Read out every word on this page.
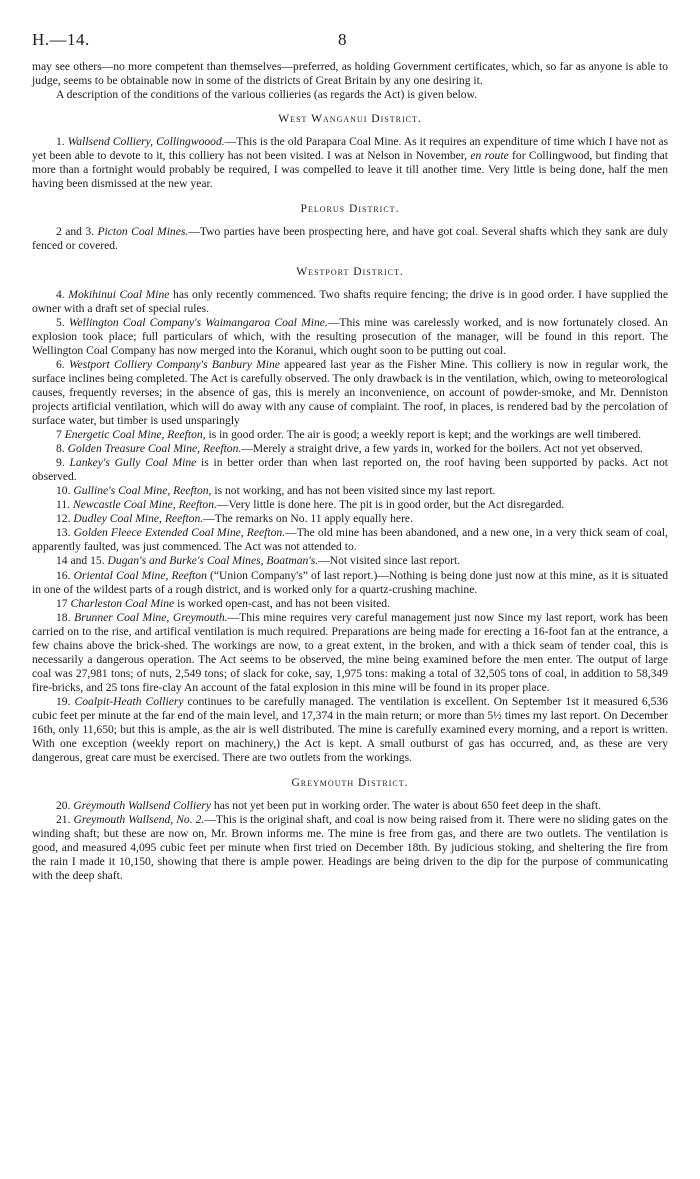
H.—14.	8

may see others—no more competent than themselves—preferred, as holding Government certificates, which, so far as anyone is able to judge, seems to be obtainable now in some of the districts of Great Britain by any one desiring it.

A description of the conditions of the various collieries (as regards the Act) is given below.

West Wanganui District.

1. Wallsend Colliery, Collingwoood.—This is the old Parapara Coal Mine. As it requires an expenditure of time which I have not as yet been able to devote to it, this colliery has not been visited. I was at Nelson in November, en route for Collingwood, but finding that more than a fortnight would probably be required, I was compelled to leave it till another time. Very little is being done, half the men having been dismissed at the new year.

Pelorus District.

2 and 3. Picton Coal Mines.—Two parties have been prospecting here, and have got coal. Several shafts which they sank are duly fenced or covered.

Westport District.

4. Mokihinui Coal Mine has only recently commenced. Two shafts require fencing; the drive is in good order. I have supplied the owner with a draft set of special rules.

5. Wellington Coal Company's Waimangaroa Coal Mine.—This mine was carelessly worked, and is now fortunately closed. An explosion took place; full particulars of which, with the resulting prosecution of the manager, will be found in this report. The Wellington Coal Company has now merged into the Koranui, which ought soon to be putting out coal.

6. Westport Colliery Company's Banbury Mine appeared last year as the Fisher Mine. This colliery is now in regular work, the surface inclines being completed. The Act is carefully observed. The only drawback is in the ventilation, which, owing to meteorological causes, frequently reverses; in the absence of gas, this is merely an inconvenience, on account of powder-smoke, and Mr. Denniston projects artificial ventilation, which will do away with any cause of complaint. The roof, in places, is rendered bad by the percolation of surface water, but timber is used unsparingly

7 Energetic Coal Mine, Reefton, is in good order. The air is good; a weekly report is kept; and the workings are well timbered.

8. Golden Treasure Coal Mine, Reefton.—Merely a straight drive, a few yards in, worked for the boilers. Act not yet observed.

9. Lankey's Gully Coal Mine is in better order than when last reported on, the roof having been supported by packs. Act not observed.

10. Gulline's Coal Mine, Reefton, is not working, and has not been visited since my last report.

11. Newcastle Coal Mine, Reefton.—Very little is done here. The pit is in good order, but the Act disregarded.

12. Dudley Coal Mine, Reefton.—The remarks on No. 11 apply equally here.

13. Golden Fleece Extended Coal Mine, Reefton.—The old mine has been abandoned, and a new one, in a very thick seam of coal, apparently faulted, was just commenced. The Act was not attended to.

14 and 15. Dugan's and Burke's Coal Mines, Boatman's.—Not visited since last report.

16. Oriental Coal Mine, Reefton (“Union Company's” of last report.)—Nothing is being done just now at this mine, as it is situated in one of the wildest parts of a rough district, and is worked only for a quartz-crushing machine.

17 Charleston Coal Mine is worked open-cast, and has not been visited.

18. Brunner Coal Mine, Greymouth.—This mine requires very careful management just now Since my last report, work has been carried on to the rise, and artifical ventilation is much required. Preparations are being made for erecting a 16-foot fan at the entrance, a few chains above the brick-shed. The workings are now, to a great extent, in the broken, and with a thick seam of tender coal, this is necessarily a dangerous operation. The Act seems to be observed, the mine being examined before the men enter. The output of large coal was 27,981 tons; of nuts, 2,549 tons; of slack for coke, say, 1,975 tons: making a total of 32,505 tons of coal, in addition to 58,349 fire-bricks, and 25 tons fire-clay An account of the fatal explosion in this mine will be found in its proper place.

19. Coalpit-Heath Colliery continues to be carefully managed. The ventilation is excellent. On September 1st it measured 6,536 cubic feet per minute at the far end of the main level, and 17,374 in the main return; or more than 5½ times my last report. On December 16th, only 11,650; but this is ample, as the air is well distributed. The mine is carefully examined every morning, and a report is written. With one exception (weekly report on machinery,) the Act is kept. A small outburst of gas has occurred, and, as these are very dangerous, great care must be exercised. There are two outlets from the workings.

Greymouth District.

20. Greymouth Wallsend Colliery has not yet been put in working order. The water is about 650 feet deep in the shaft.

21. Greymouth Wallsend, No. 2.—This is the original shaft, and coal is now being raised from it. There were no sliding gates on the winding shaft; but these are now on, Mr. Brown informs me. The mine is free from gas, and there are two outlets. The ventilation is good, and measured 4,095 cubic feet per minute when first tried on December 18th. By judicious stoking, and sheltering the fire from the rain I made it 10,150, showing that there is ample power. Headings are being driven to the dip for the purpose of communicating with the deep shaft.
